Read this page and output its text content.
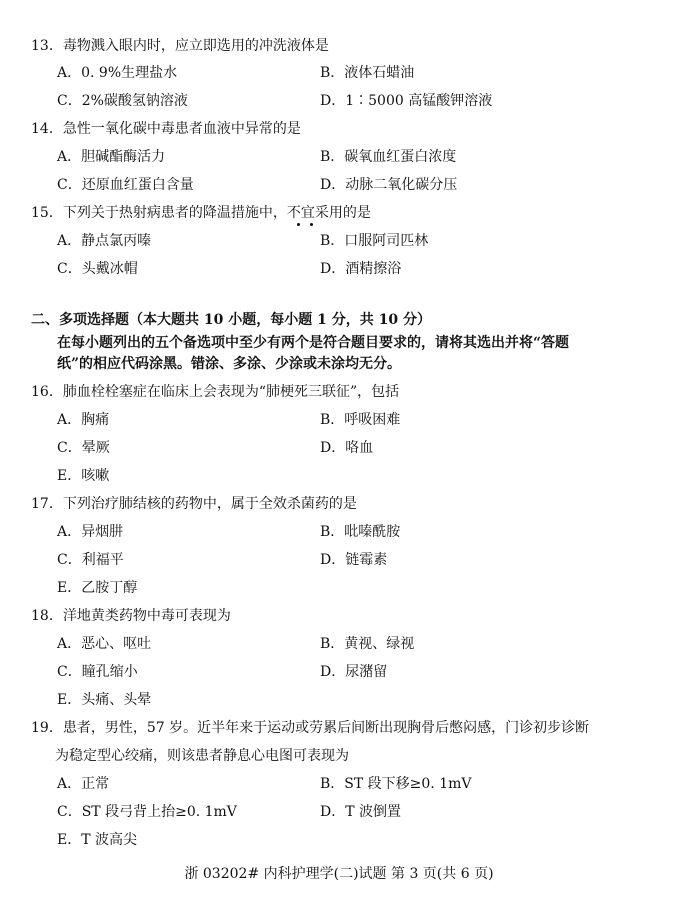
13．毒物溅入眼内时，应立即选用的冲洗液体是
A．0. 9%生理盐水	B．液体石蜡油
C．2%碳酸氢钠溶液	D．1∶5000 高锰酸钾溶液
14．急性一氧化碳中毒患者血液中异常的是
A．胆碱酯酶活力	B．碳氧血红蛋白浓度
C．还原血红蛋白含量	D．动脉二氧化碳分压
15．下列关于热射病患者的降温措施中，不宜采用的是
A．静点氯丙嗪	B．口服阿司匹林
C．头戴冰帽	D．酒精擦浴
二、多项选择题（本大题共 10 小题，每小题 1 分，共 10 分）
在每小题列出的五个备选项中至少有两个是符合题目要求的，请将其选出并将“答题
纸”的相应代码涂黑。错涂、多涂、少涂或未涂均无分。
16．肺血栓栓塞症在临床上会表现为“肺梗死三联征”，包括
A．胸痛	B．呼吸困难
C．晕厥	D．咯血
E．咳嗽
17．下列治疗肺结核的药物中，属于全效杀菌药的是
A．异烟肼	B．吡嗪酰胺
C．利福平	D．链霉素
E．乙胺丁醇
18．洋地黄类药物中毒可表现为
A．恶心、呕吐	B．黄视、绿视
C．瞳孔缩小	D．尿潴留
E．头痛、头晕
19．患者，男性，57 岁。近半年来于运动或劳累后间断出现胸骨后憋闷感，门诊初步诊断
为稳定型心绞痛，则该患者静息心电图可表现为
A．正常	B．ST 段下移≥0. 1mV
C．ST 段弓背上抬≥0. 1mV	D．T 波倒置
E．T 波高尖
浙 03202# 内科护理学(二)试题 第 3 页(共 6 页)
